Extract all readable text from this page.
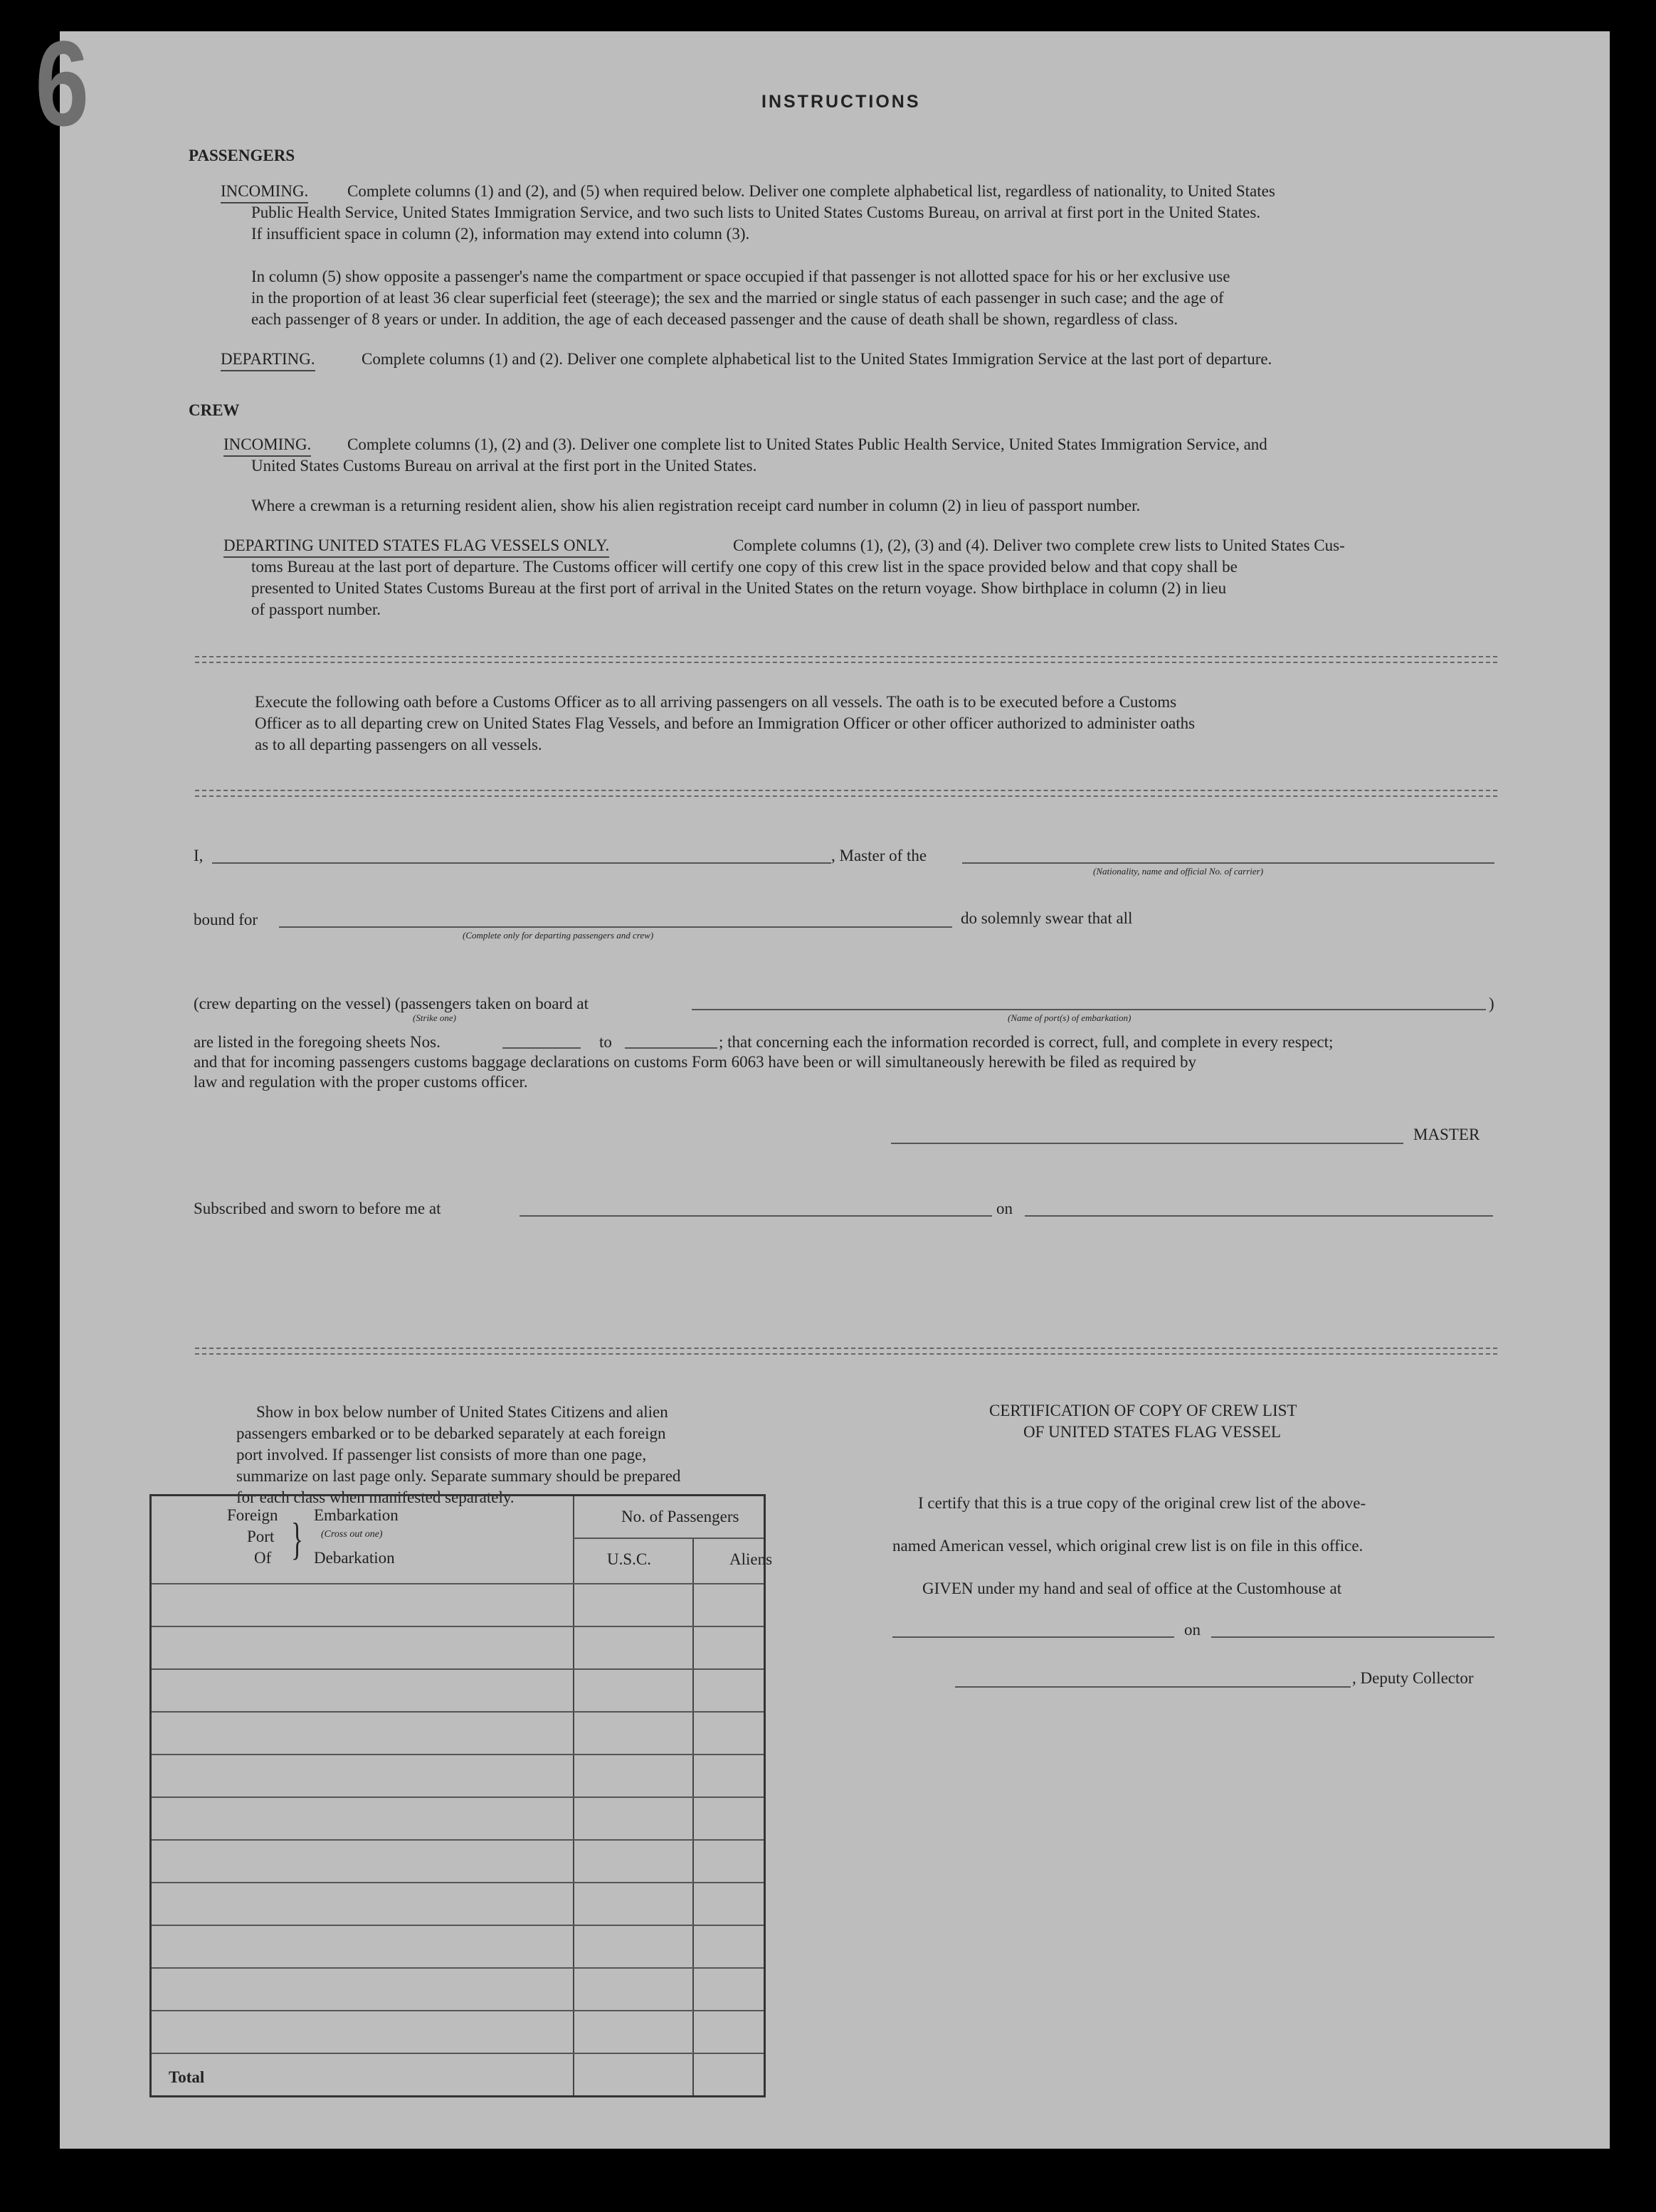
6	INSTRUCTIONS
PASSENGERS
INCOMING. Complete columns (1) and (2), and (5) when required below. Deliver one complete alphabetical list, regardless of nationality, to United States
Public Health Service, United States Immigration Service, and two such lists to United States Customs Bureau, on arrival at first port in the United States.
If insufficient space in column (2), information may extend into column (3).
In column (5) show opposite a passenger's name the compartment or space occupied if that passenger is not allotted space for his or her exclusive use
in the proportion of at least 36 clear superficial feet (steerage); the sex and the married or single status of each passenger in such case; and the age of
each passenger of 8 years or under. In addition, the age of each deceased passenger and the cause of death shall be shown, regardless of class.
DEPARTING.	Complete columns (1) and (2). Deliver one complete alphabetical list to the United States Immigration Service at the last port of departure.
CREW
INCOMING. Complete columns (1), (2) and (3). Deliver one complete list to United States Public Health Service, United States Immigration Service, and
United States Customs Bureau on arrival at the first port in the United States.
Where a crewman is a returning resident alien, show his alien registration receipt card number in column (2) in lieu of passport number.
DEPARTING UNITED STATES FLAG VESSELS ONLY.	Complete columns (1), (2), (3) and (4). Deliver two complete crew lists to United States Cus-
toms Bureau at the last port of departure. The Customs officer will certify one copy of this crew list in the space provided below and that copy shall be
presented to United States Customs Bureau at the first port of arrival in the United States on the return voyage. Show birthplace in column (2) in lieu
of passport number.
Execute the following oath before a Customs Officer as to all arriving passengers on all vessels. The oath is to be executed before a Customs
Officer as to all departing crew on United States Flag Vessels, and before an Immigration Officer or other officer authorized to administer oaths
as to all departing passengers on all vessels.
I,	, Master of the
(Nationality, name and official No. of carrier)
bound for
(Complete only for departing passengers and crew)
do solemnly swear that all
(crew departing on the vessel) (passengers taken on board at	)
(Strike one)	(Name of port(s) of embarkation)
are listed in the foregoing sheets Nos.	to	; that concerning each the information recorded is correct, full, and complete in every respect;
and that for incoming passengers customs baggage declarations on customs Form 6063 have been or will simultaneously herewith be filed as required by
law and regulation with the proper customs officer.
MASTER
Subscribed and sworn to before me at	on
Show in box below number of United States Citizens and alien
passengers embarked or to be debarked separately at each foreign
port involved. If passenger list consists of more than one page,
summarize on last page only. Separate summary should be prepared
for each class when manifested separately.
Foreign
Port
Of } Embarkation
(Cross out one)
Debarkation
No. of Passengers
U.S.C.	Aliens
Total
CERTIFICATION OF COPY OF CREW LIST
OF UNITED STATES FLAG VESSEL
I certify that this is a true copy of the original crew list of the above-
named American vessel, which original crew list is on file in this office.
GIVEN under my hand and seal of office at the Customhouse at
on
, Deputy Collector
